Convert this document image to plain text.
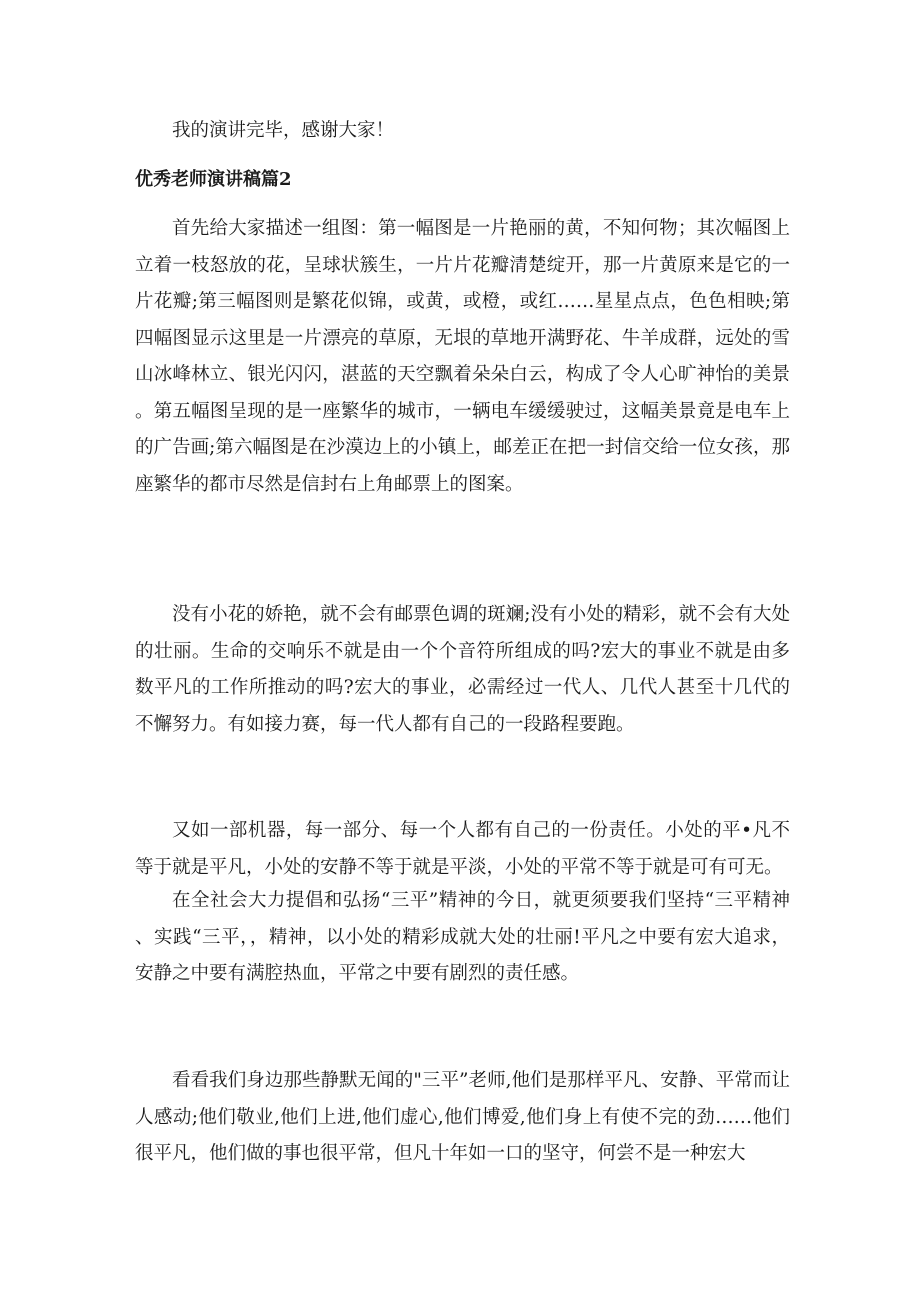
我的演讲完毕，感谢大家！

优秀老师演讲稿篇2

首先给大家描述一组图：第一幅图是一片艳丽的黄，不知何物；其次幅图上立着一枝怒放的花，呈球状簇生，一片片花瓣清楚绽开，那一片黄原来是它的一片花瓣;第三幅图则是繁花似锦，或黄，或橙，或红……星星点点，色色相映;第四幅图显示这里是一片漂亮的草原，无垠的草地开满野花、牛羊成群，远处的雪山冰峰林立、银光闪闪，湛蓝的天空飘着朵朵白云，构成了令人心旷神怡的美景。第五幅图呈现的是一座繁华的城市，一辆电车缓缓驶过，这幅美景竟是电车上的广告画;第六幅图是在沙漠边上的小镇上，邮差正在把一封信交给一位女孩，那座繁华的都市尽然是信封右上角邮票上的图案。

没有小花的娇艳，就不会有邮票色调的斑斓;没有小处的精彩，就不会有大处的壮丽。生命的交响乐不就是由一个个音符所组成的吗?宏大的事业不就是由多数平凡的工作所推动的吗?宏大的事业，必需经过一代人、几代人甚至十几代的不懈努力。有如接力赛，每一代人都有自己的一段路程要跑。

又如一部机器，每一部分、每一个人都有自己的一份责任。小处的平•凡不等于就是平凡，小处的安静不等于就是平淡，小处的平常不等于就是可有可无。

在全社会大力提倡和弘扬“三平”精神的今日，就更须要我们坚持“三平精神、实践“三平，，精神，以小处的精彩成就大处的壮丽!平凡之中要有宏大追求，安静之中要有满腔热血，平常之中要有剧烈的责任感。

看看我们身边那些静默无闻的"三平”老师,他们是那样平凡、安静、平常而让人感动;他们敬业,他们上进,他们虚心,他们博爱,他们身上有使不完的劲……他们很平凡，他们做的事也很平常，但凡十年如一口的坚守，何尝不是一种宏大
